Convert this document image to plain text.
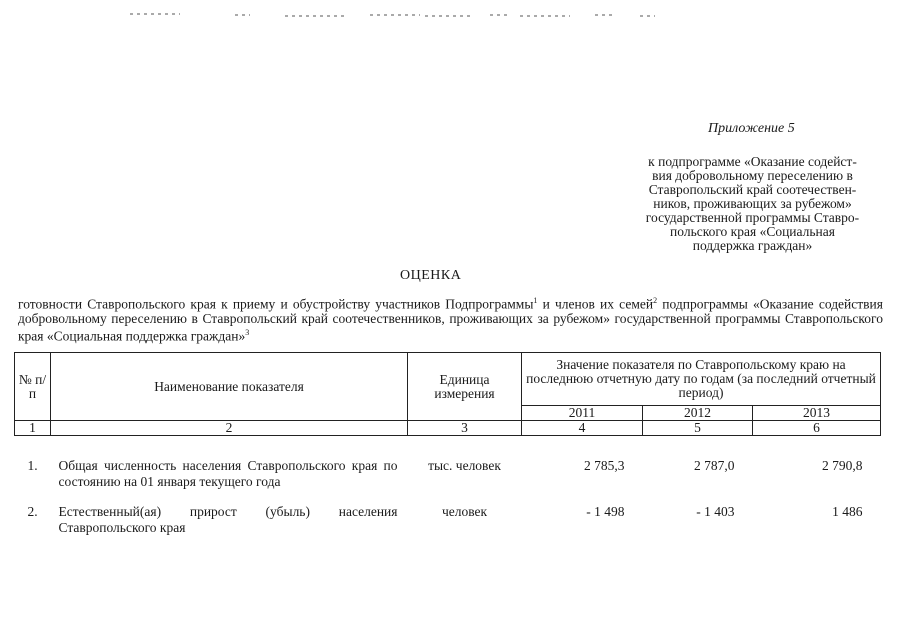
Приложение 5
к подпрограмме «Оказание содейст-
вия добровольному переселению в
Ставропольский край соотечествен-
ников, проживающих за рубежом»
государственной программы Ставро-
польского края «Социальная
поддержка граждан»
ОЦЕНКА
готовности Ставропольского края к приему и обустройству участников Подпрограммы$^1$ и членов их семей$^2$ подпрограммы «Оказание содействия добровольному переселению в Ставропольский край соотечественников, проживающих за рубежом» государственной программы Ставропольского края «Социальная поддержка граждан»$^3$
№ п/п	Наименование показателя	Единица измерения	Значение показателя по Ставропольскому краю на последнюю отчетную дату по годам (за последний отчетный период)		
			2011	2012	2013
1	2	3	4	5	6

1.	Общая численность населения Ставропольского края по состоянию на 01 января текущего года	тыс. человек	2 785,3	2 787,0	2 790,8

2.	Естественный(ая) прирост (убыль) населения Ставропольского края	человек	- 1 498	- 1 403	1 486
